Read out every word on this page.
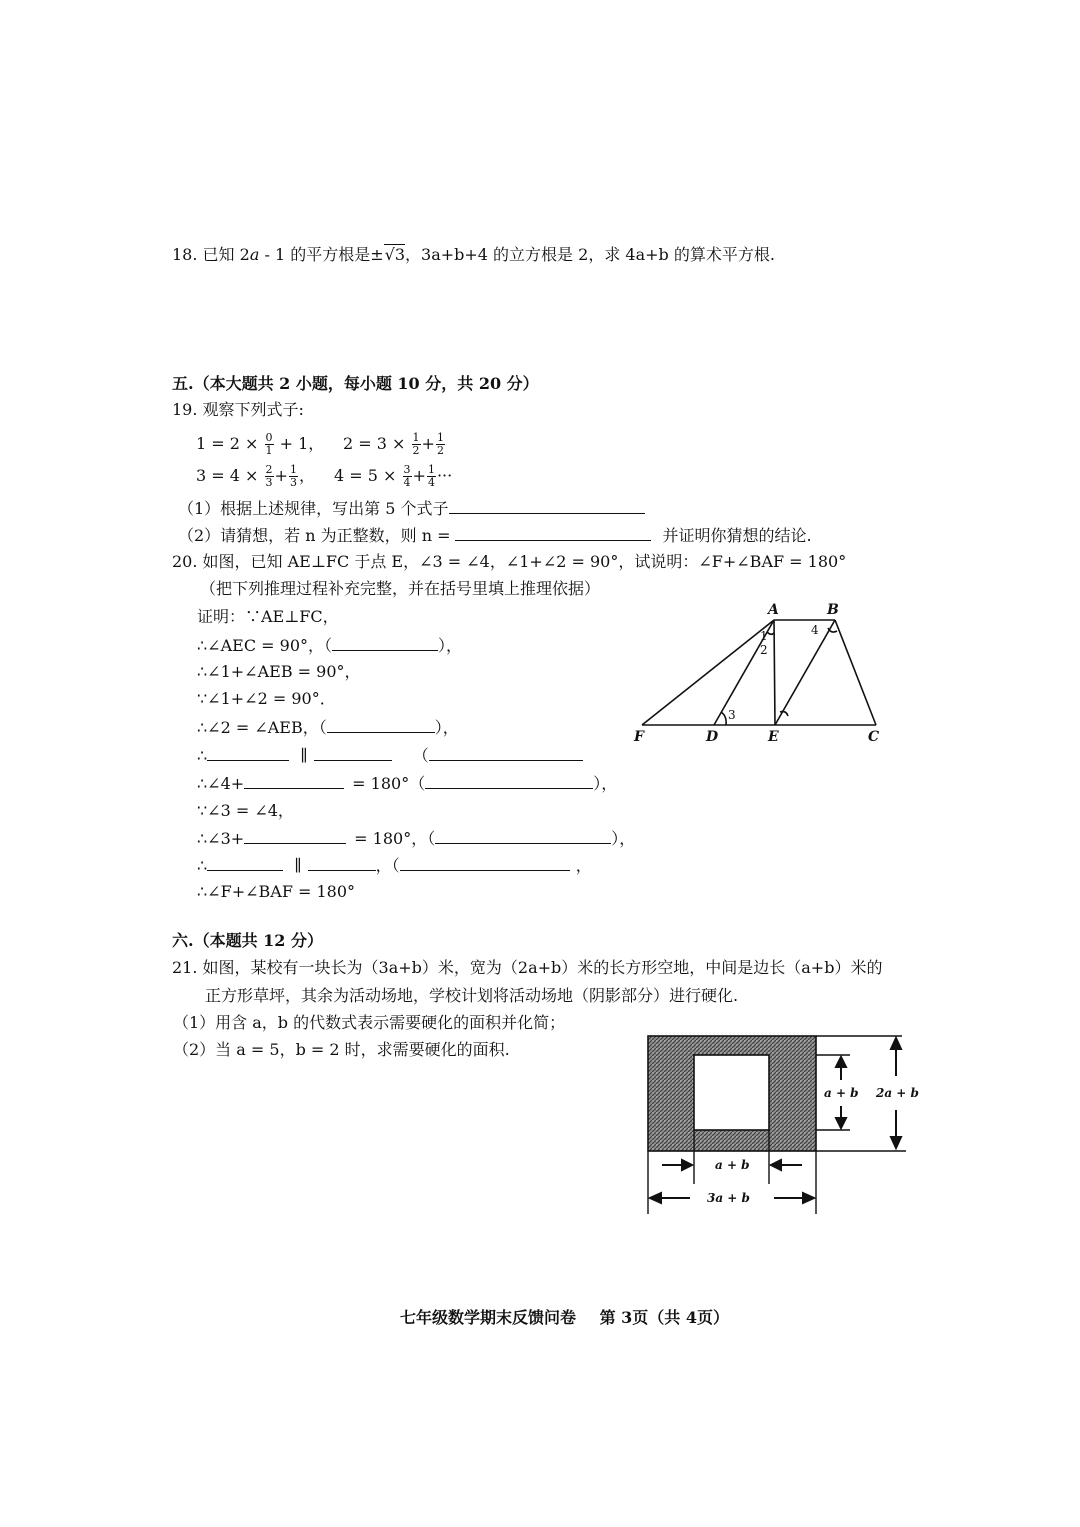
18. 已知 2a - 1 的平方根是±√3，3a+b+4 的立方根是 2，求 4a+b 的算术平方根.
五.（本大题共 2 小题，每小题 10 分，共 20 分）
19. 观察下列式子:
$1 = 2 \times \frac{0}{1} + 1$， $2 = 3 \times \frac{1}{2} + \frac{1}{2}$
$3 = 4 \times \frac{2}{3} + \frac{1}{3}$ ， $4 = 5 \times \frac{3}{4} + \frac{1}{4}$ ···
（1）根据上述规律，写出第 5 个式子
（2）请猜想，若 n 为正整数，则 n =	并证明你猜想的结论.
20. 如图，已知 AE⊥FC 于点 E，∠3 = ∠4，∠1+∠2 = 90°，试说明：∠F+∠BAF = 180°
（把下列推理过程补充完整，并在括号里填上推理依据）
证明：∵AE⊥FC，
∴∠AEC = 90°，（	），
∴∠1+∠AEB = 90°，
∵∠1+∠2 = 90°．
∴∠2 = ∠AEB，（	），
∴	∥	（
∴∠4+	= 180°（	），
∵∠3 = ∠4，
∴∠3+	= 180°，（	），
∴	∥	，（	，
∴∠F+∠BAF = 180°
A	B
C
D	E
F
1
2
3
4
六.（本题共 12 分）
21. 如图，某校有一块长为（3a+b）米，宽为（2a+b）米的长方形空地，中间是边长（a+b）米的
正方形草坪，其余为活动场地，学校计划将活动场地（阴影部分）进行硬化.
（1）用含 a，b 的代数式表示需要硬化的面积并化简；
（2）当 a = 5，b = 2 时，求需要硬化的面积.
a + b 2a + b
a + b
3a + b
七年级数学期末反馈问卷 第 3页（共 4页）
